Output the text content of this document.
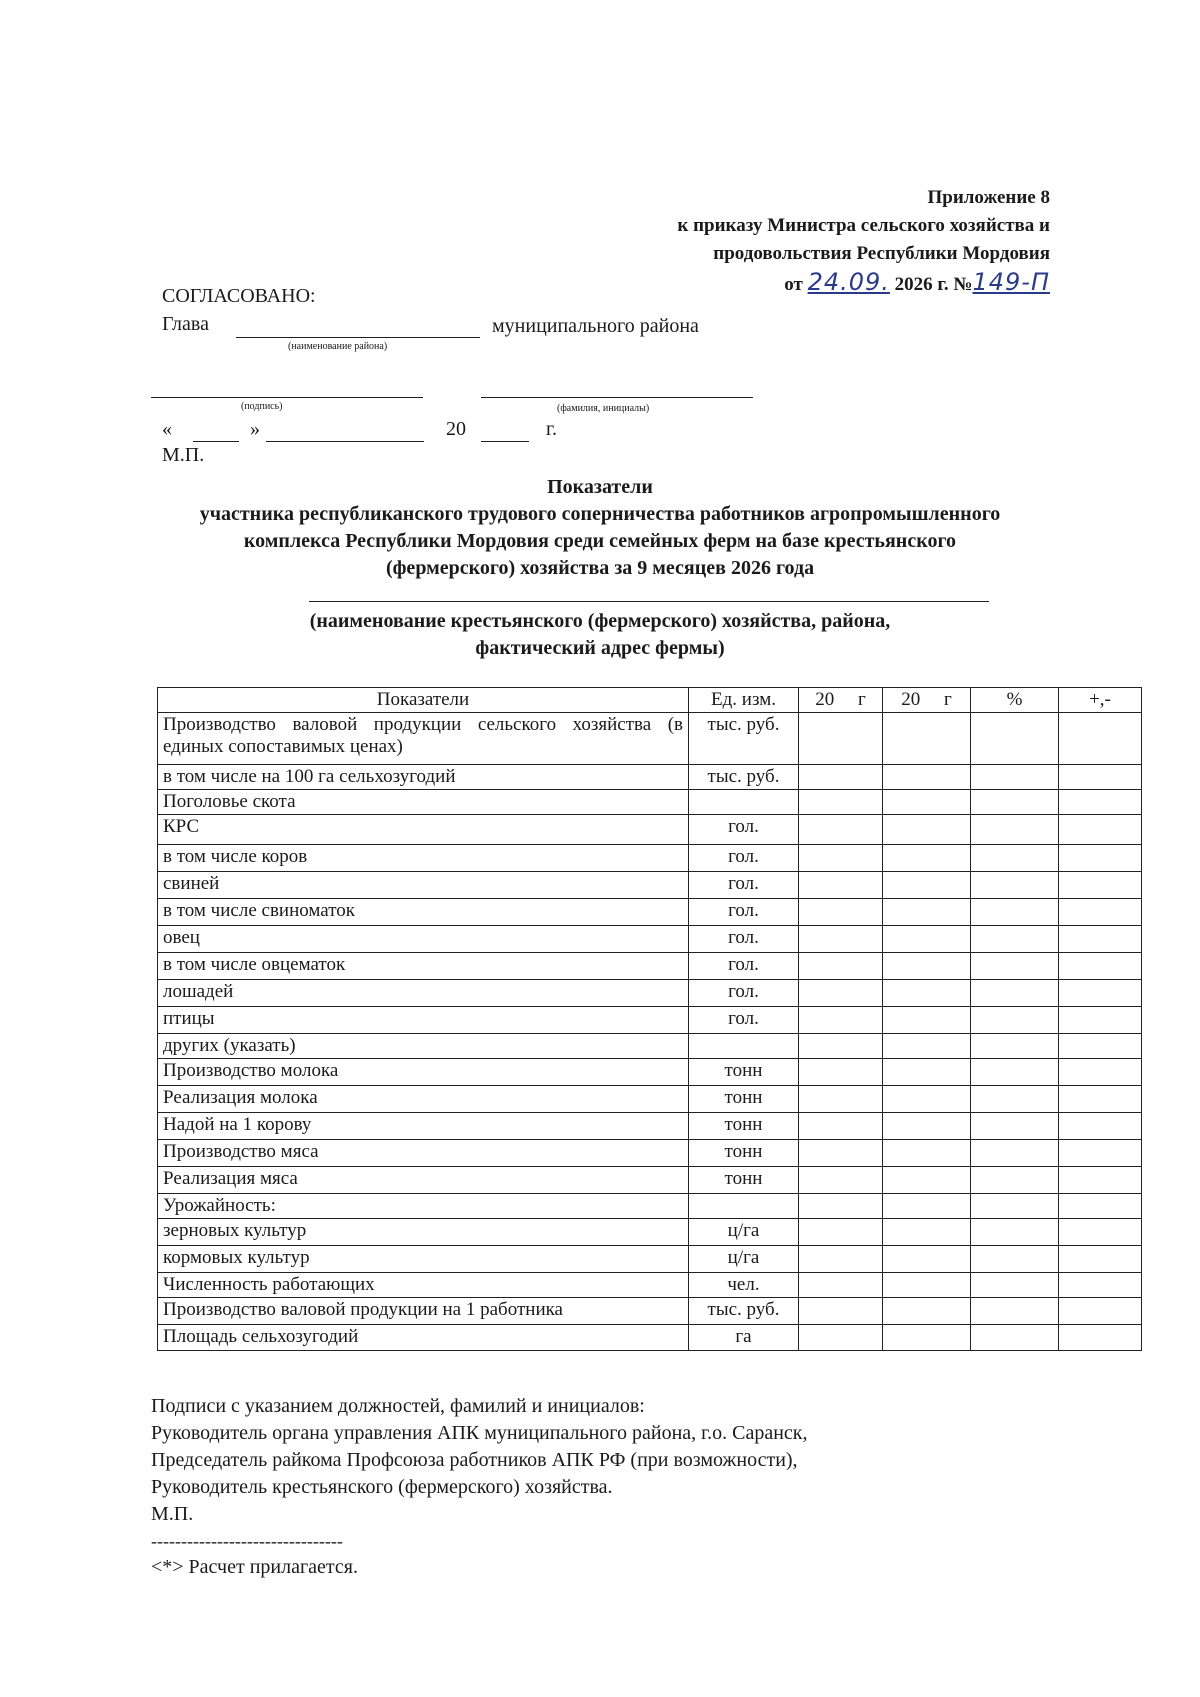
Приложение 8
к приказу Министра сельского хозяйства и
продовольствия Республики Мордовия
от 24.09. 2026 г. №149-П
СОГЛАСОВАНО:
Глава	муниципального района
(наименование района)
(подпись)	(фамилия, инициалы)
«	»	20	г.
М.П.
Показатели
участника республиканского трудового соперничества работников агропромышленного
комплекса Республики Мордовия среди семейных ферм на базе крестьянского
(фермерского) хозяйства за 9 месяцев 2026 года
(наименование крестьянского (фермерского) хозяйства, района,
фактический адрес фермы)
Показатели	Ед. изм.	20 г	20 г	%	+,-
Производство валовой продукции сельского хозяйства (в единых сопоставимых ценах)	тыс. руб.				
в том числе на 100 га сельхозугодий	тыс. руб.				
Поголовье скота					
КРС	гол.				
в том числе коров	гол.				
свиней	гол.				
в том числе свиноматок	гол.				
овец	гол.				
в том числе овцематок	гол.				
лошадей	гол.				
птицы	гол.				
других (указать)					
Производство молока	тонн				
Реализация молока	тонн				
Надой на 1 корову	тонн				
Производство мяса	тонн				
Реализация мяса	тонн				
Урожайность:					
зерновых культур	ц/га				
кормовых культур	ц/га				
Численность работающих	чел.				
Производство валовой продукции на 1 работника	тыс. руб.				
Площадь сельхозугодий	га				
Подписи с указанием должностей, фамилий и инициалов:
Руководитель органа управления АПК муниципального района, г.о. Саранск,
Председатель райкома Профсоюза работников АПК РФ (при возможности),
Руководитель крестьянского (фермерского) хозяйства.
М.П.
--------------------------------
<*> Расчет прилагается.
